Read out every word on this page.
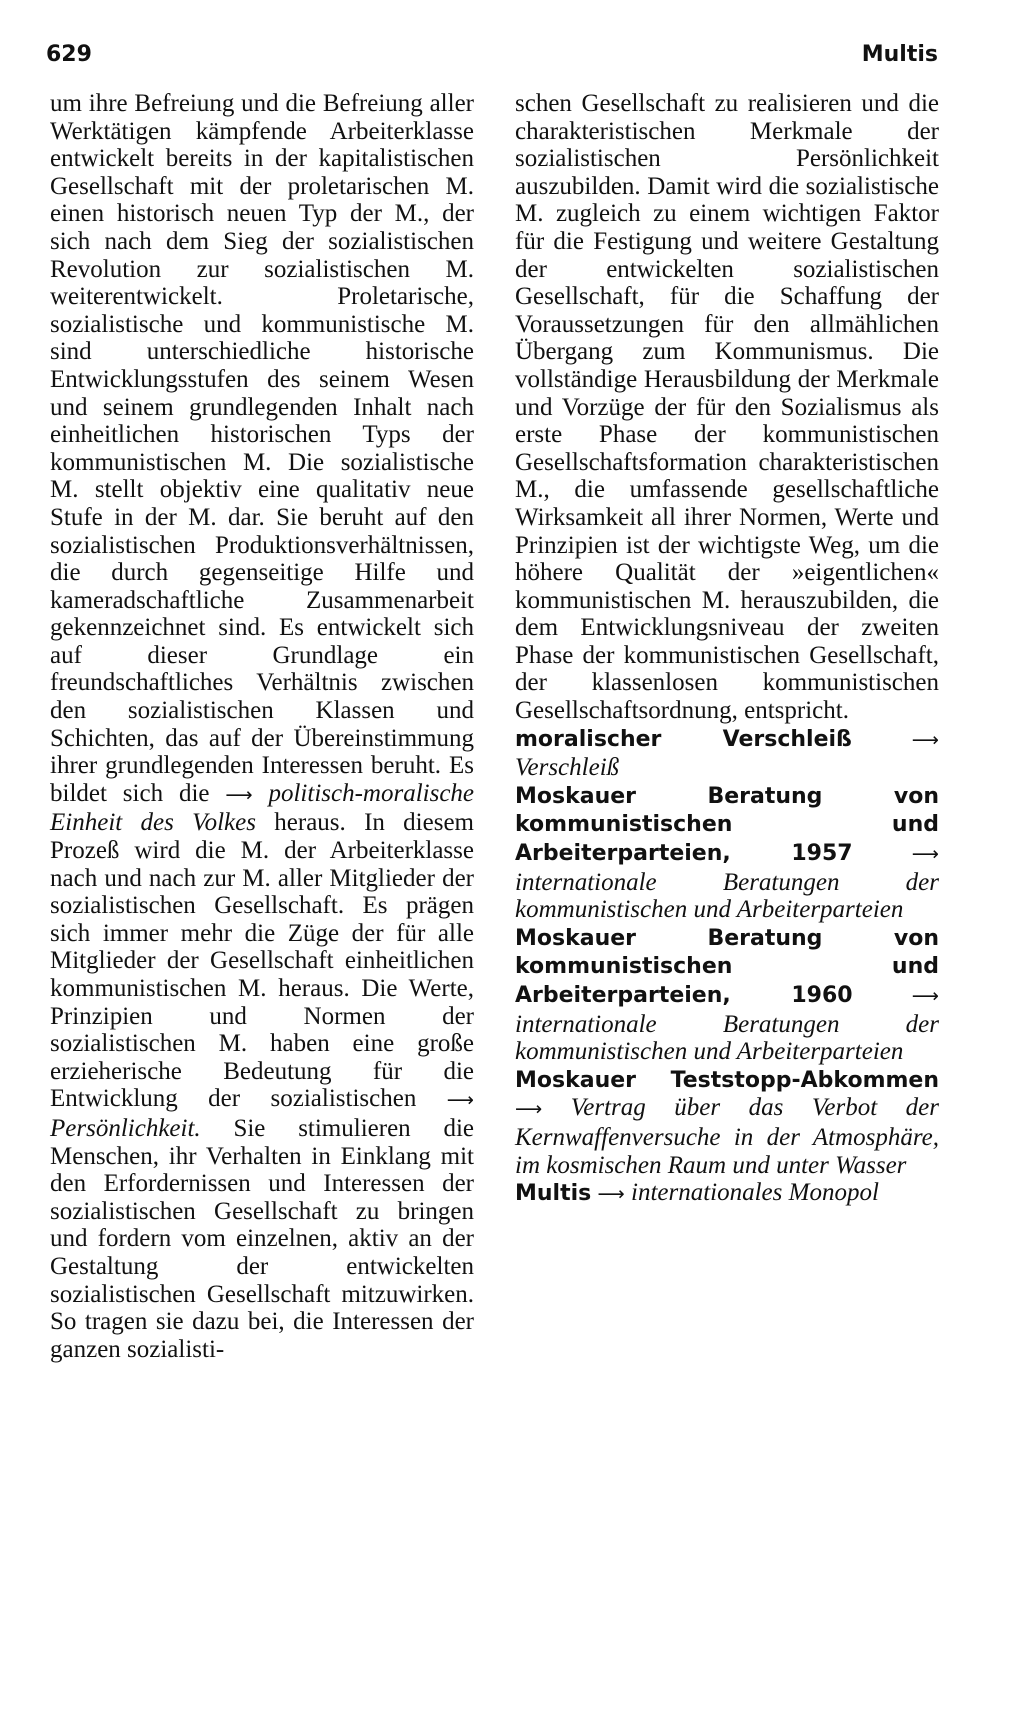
629	Multis

um ihre Befreiung und die Befreiung aller Werktätigen kämpfende Arbeiterklasse entwickelt bereits in der kapitalistischen Gesellschaft mit der proletarischen M. einen historisch neuen Typ der M., der sich nach dem Sieg der sozialistischen Revolution zur sozialistischen M. weiterentwickelt. Proletarische, sozialistische und kommunistische M. sind unterschiedliche historische Entwicklungsstufen des seinem Wesen und seinem grundlegenden Inhalt nach einheitlichen historischen Typs der kommunistischen M. Die sozialistische M. stellt objektiv eine qualitativ neue Stufe in der M. dar. Sie beruht auf den sozialistischen Produktionsverhältnissen, die durch gegenseitige Hilfe und kameradschaftliche Zusammenarbeit gekennzeichnet sind. Es entwickelt sich auf dieser Grundlage ein freundschaftliches Verhältnis zwischen den sozialistischen Klassen und Schichten, das auf der Übereinstimmung ihrer grundlegenden Interessen beruht. Es bildet sich die ⟶ politisch-moralische Einheit des Volkes heraus. In diesem Prozeß wird die M. der Arbeiterklasse nach und nach zur M. aller Mitglieder der sozialistischen Gesellschaft. Es prägen sich immer mehr die Züge der für alle Mitglieder der Gesellschaft einheitlichen kommunistischen M. heraus. Die Werte, Prinzipien und Normen der sozialistischen M. haben eine große erzieherische Bedeutung für die Entwicklung der sozialistischen ⟶ Persönlichkeit. Sie stimulieren die Menschen, ihr Verhalten in Einklang mit den Erfordernissen und Interessen der sozialistischen Gesellschaft zu bringen und fordern vom einzelnen, aktiv an der Gestaltung der entwickelten sozialistischen Gesellschaft mitzuwirken. So tragen sie dazu bei, die Interessen der ganzen sozialisti-

schen Gesellschaft zu realisieren und die charakteristischen Merkmale der sozialistischen Persönlichkeit auszubilden. Damit wird die sozialistische M. zugleich zu einem wichtigen Faktor für die Festigung und weitere Gestaltung der entwickelten sozialistischen Gesellschaft, für die Schaffung der Voraussetzungen für den allmählichen Übergang zum Kommunismus. Die vollständige Herausbildung der Merkmale und Vorzüge der für den Sozialismus als erste Phase der kommunistischen Gesellschaftsformation charakteristischen M., die umfassende gesellschaftliche Wirksamkeit all ihrer Normen, Werte und Prinzipien ist der wichtigste Weg, um die höhere Qualität der »eigentlichen« kommunistischen M. herauszubilden, die dem Entwicklungsniveau der zweiten Phase der kommunistischen Gesellschaft, der klassenlosen kommunistischen Gesellschaftsordnung, entspricht.

moralischer Verschleiß	⟶ Verschleiß

Moskauer Beratung von kommunistischen und Arbeiterparteien, 1957	⟶ internationale Beratungen der kommunistischen und Arbeiterparteien

Moskauer Beratung von kommunistischen und Arbeiterparteien, 1960	⟶ internationale Beratungen der kommunistischen und Arbeiterparteien

Moskauer Teststopp-Abkommen ⟶ Vertrag über das Verbot der Kernwaffenversuche in der Atmosphäre, im kosmischen Raum und unter Wasser

Multis ⟶ internationales Monopol
